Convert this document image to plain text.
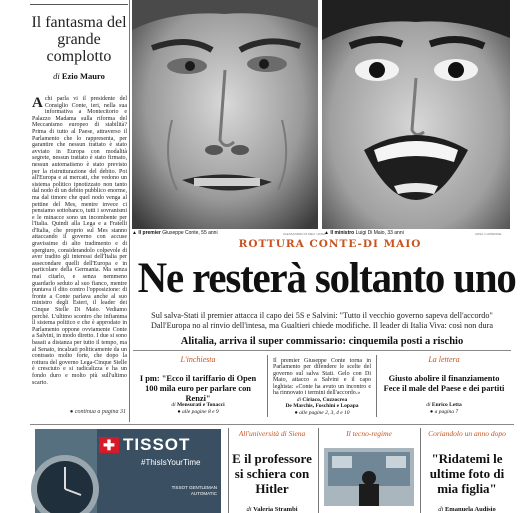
Il fantasma del grande complotto
di Ezio Mauro
A chi parla vi il presidente del Consiglio Conte, ieri, nella sua informativa a Montecitorio e Palazzo Madama sulla riforma del Meccanismo europeo di stabilità? Prima di tutto al Paese, attraverso il Parlamento che lo rappresenta, per garantire che nessun trattato è stato avviato in Europa con modalità segrete, nessun trattato è stato firmato, nessun automatismo è stato previsto per la ristrutturazione del debito. Poi all'Europa e ai mercati, che vedono un sistema politico ipnotizzato non tanto dal nodo di un debito pubblico enorme, ma dal timore che quel nodo venga al pettine del Mes, mentre invece ci pensiamo sottobanco, tutti i sovranismi e le minacce sono un incombente per l'Italia. Quindi alla Lega e a Fratelli d'Italia, che proprio sul Mes stanno attaccando il governo con accuse gravissime di alto tradimento e di spergiuro, considerandolo colpevole di aver tradito gli interessi dell'Italia per assecondare quelli dell'Europa e in particolare della Germania. Ma senza mai citarlo, e senza nemmeno guardarlo seduto al suo fianco, mentre puntava il dito contro l'opposizione: di fronte a Conte parlava anche al suo ministro degli Esteri, il leader dei Cinque Stelle Di Maio. Vediamo perché. L'ultimo scontro che infiamma il sistema politico e che è approdato in Parlamento oppone ovviamente Conte a Salvini, in modo diretto. I due si sono basati a distanza per tutto il tempo, ma al Senato, incalzati politicamente da un contrasto molto forte, che dopo la rottura del governo Lega-Cinque Stelle è cresciuto e si radicalizza e ha un fondo duro e molto più sull'ultimo scarto.

● continua a pagina 31
▲ Il premier Giuseppe Conte, 55 anni	ALESSANDRO DI MEO / ANSA
▲ Il ministro Luigi Di Maio, 33 anni	ANSA / LAPRESSE
ROTTURA CONTE-DI MAIO
Ne resterà soltanto uno
Sul salva-Stati il premier attacca il capo dei 5S e Salvini: "Tutto il vecchio governo sapeva dell'accordo" Dall'Europa no al rinvio dell'intesa, ma Gualtieri chiede modifiche. Il leader di Italia Viva: così non dura
Alitalia, arriva il super commissario: cinquemila posti a rischio
L'inchiesta
I pm: "Ecco il tariffario di Open 100 mila euro per parlare con Renzi"
di Mensurati e Tonacci
● alle pagine 8 e 9
Il premier Giuseppe Conte torna in Parlamento per difendere le scelte del governo sul salva Stati. Gelo con Di Maio, attacco a Salvini e il capo leghista: «Conte ha avuto un incontro e ha rinnovato i termini dell'accordo.»
di Ciriaco, Cuzzocrea
De Marchis, Foschini e Lopapa
● alle pagine 2, 3, 4 e 10
La lettera
Giusto abolire il finanziamento Fece il male del Paese e dei partiti
di Enrico Letta
● a pagina 7
✚ TISSOT
#ThisIsYourTime
TISSOT GENTLEMAN
AUTOMATIC
All'università di Siena
E il professore si schiera con Hitler
di Valeria Strambi
Il tecno-regime	Coriandolo un anno dopo
"Ridatemi le ultime foto di mia figlia"
di Emanuela Audisio
